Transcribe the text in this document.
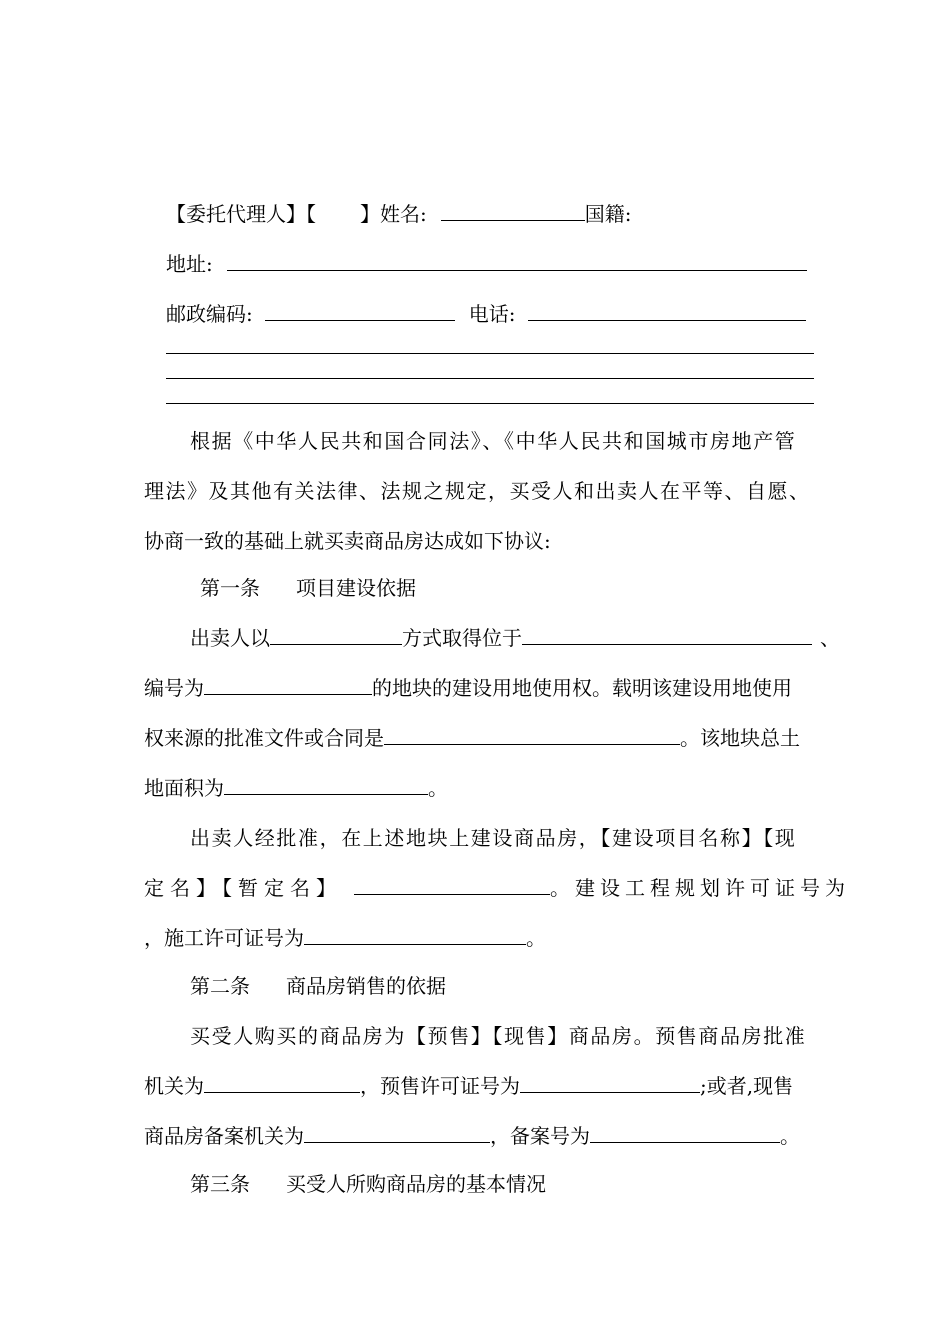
【委托代理人】【 】姓名:	国籍:
地址:
邮政编码:	电话:
根据《中华人民共和国合同法》、《中华人民共和国城市房地产管
理法》及其他有关法律、法规之规定，买受人和出卖人在平等、自愿、
协商一致的基础上就买卖商品房达成如下协议:
第一条 项目建设依据
出卖人以	方式取得位于	、
编号为	的地块的建设用地使用权。载明该建设用地使用
权来源的批准文件或合同是	。该地块总土
地面积为	。
出卖人经批准，在上述地块上建设商品房，【建设项目名称】【现
定名】【暂定名】	。建设工程规划许可证号为
，施工许可证号为	。
第二条 商品房销售的依据
买受人购买的商品房为【预售】【现售】商品房。预售商品房批准
机关为	，预售许可证号为	;或者,现售
商品房备案机关为	，备案号为	。
第三条 买受人所购商品房的基本情况
